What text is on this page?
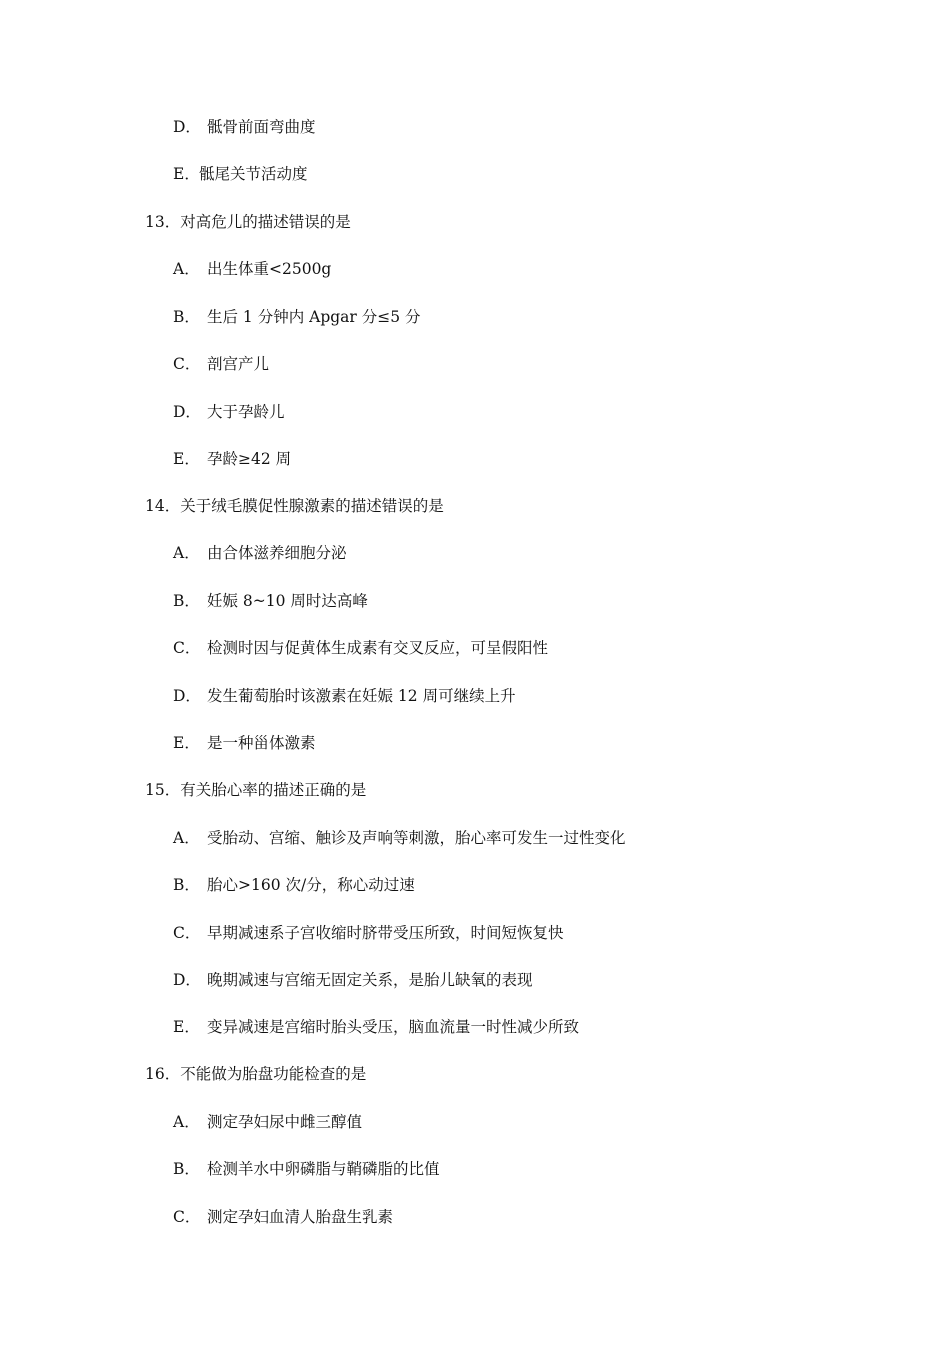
D． 骶骨前面弯曲度
E．骶尾关节活动度
13．对高危儿的描述错误的是
A． 出生体重<2500g
B． 生后 1 分钟内 Apgar 分≤5 分
C． 剖宫产儿
D． 大于孕龄儿
E． 孕龄≥42 周
14．关于绒毛膜促性腺激素的描述错误的是
A． 由合体滋养细胞分泌
B． 妊娠 8~10 周时达高峰
C． 检测时因与促黄体生成素有交叉反应，可呈假阳性
D． 发生葡萄胎时该激素在妊娠 12 周可继续上升
E． 是一种甾体激素
15．有关胎心率的描述正确的是
A． 受胎动、宫缩、触诊及声响等刺激，胎心率可发生一过性变化
B． 胎心>160 次/分，称心动过速
C． 早期减速系子宫收缩时脐带受压所致，时间短恢复快
D． 晚期减速与宫缩无固定关系，是胎儿缺氧的表现
E． 变异减速是宫缩时胎头受压，脑血流量一时性减少所致
16．不能做为胎盘功能检查的是
A． 测定孕妇尿中雌三醇值
B． 检测羊水中卵磷脂与鞘磷脂的比值
C． 测定孕妇血清人胎盘生乳素
